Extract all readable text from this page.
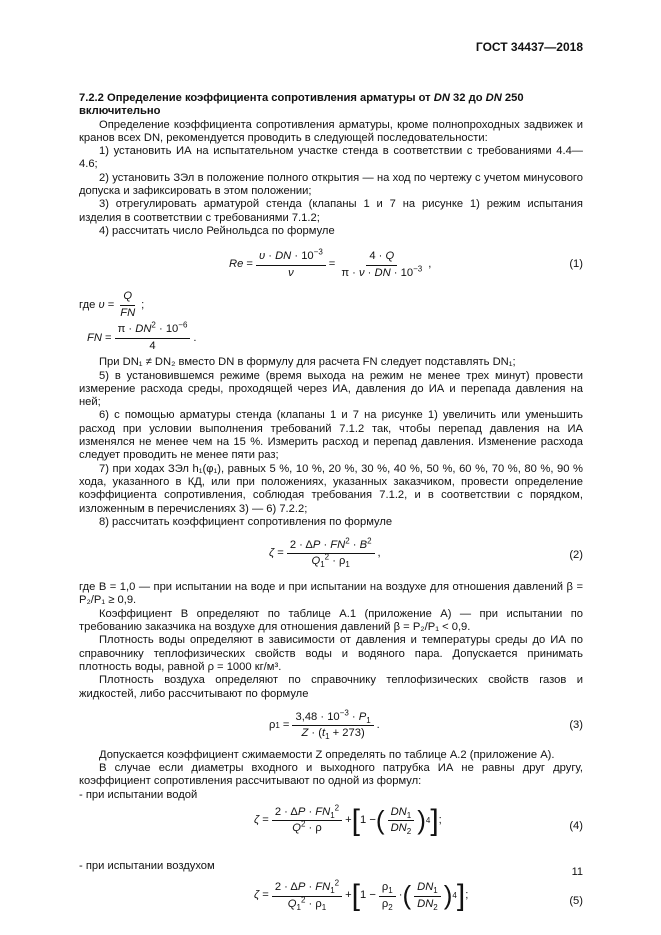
ГОСТ 34437—2018

7.2.2 Определение коэффициента сопротивления арматуры от DN 32 до DN 250

включительно

Определение коэффициента сопротивления арматуры, кроме полнопроходных задвижек и кранов всех DN, рекомендуется проводить в следующей последовательности:

1) установить ИА на испытательном участке стенда в соответствии с требованиями 4.4—4.6;

2) установить ЗЭл в положение полного открытия — на ход по чертежу с учетом минусового допуска и зафиксировать в этом положении;

3) отрегулировать арматурой стенда (клапаны 1 и 7 на рисунке 1) режим испытания изделия в соответствии с требованиями 7.1.2;

4) рассчитать число Рейнольдса по формуле

$Re = \frac{\upsilon \cdot DN \cdot 10^{-3}}{\nu} = \frac{4 \cdot Q}{\pi \cdot \nu \cdot DN \cdot 10^{-3}}$ ,	(1)
где
$\upsilon = \frac{Q}{FN}$ ;
FN = $\frac{\pi \cdot DN^2 \cdot 10^{-6}}{4}$ .

При DN₁ ≠ DN₂ вместо DN в формулу для расчета FN следует подставлять DN₁;

5) в установившемся режиме (время выхода на режим не менее трех минут) провести измерение расхода среды, проходящей через ИА, давления до ИА и перепада давления на ней;

6) с помощью арматуры стенда (клапаны 1 и 7 на рисунке 1) увеличить или уменьшить расход при условии выполнения требований 7.1.2 так, чтобы перепад давления на ИА изменялся не менее чем на 15 %. Измерить расход и перепад давления. Изменение расхода следует проводить не менее пяти раз;

7) при ходах ЗЭл h₁(φ₁), равных 5 %, 10 %, 20 %, 30 %, 40 %, 50 %, 60 %, 70 %, 80 %, 90 % хода, указанного в КД, или при положениях, указанных заказчиком, провести определение коэффициента сопротивления, соблюдая требования 7.1.2, и в соответствии с порядком, изложенным в перечислениях 3) — 6) 7.2.2;

8) рассчитать коэффициент сопротивления по формуле

$\zeta = \frac{2 \cdot \Delta P \cdot FN^2 \cdot B^2}{Q_1^2 \cdot \rho_1}$ ,	(2)

где B = 1,0 — при испытании на воде и при испытании на воздухе для отношения давлений β = P₂/P₁ ≥ 0,9.

Коэффициент B определяют по таблице А.1 (приложение А) — при испытании по требованию заказчика на воздухе для отношения давлений β = P₂/P₁ < 0,9.

Плотность воды определяют в зависимости от давления и температуры среды до ИА по справочнику теплофизических свойств воды и водяного пара. Допускается принимать плотность воды, равной ρ = 1000 кг/м³.

Плотность воздуха определяют по справочнику теплофизических свойств газов и жидкостей, либо рассчитывают по формуле

ρ $1 = \frac{3,48 \cdot 10^{-3} \cdot P_1}{Z \cdot (t_1 + 273)}$ .	(3)

Допускается коэффициент сжимаемости Z определять по таблице А.2 (приложение А).

В случае если диаметры входного и выходного патрубка ИА не равны друг другу, коэффициент сопротивления рассчитывают по одной из формул:

- при испытании водой

$\zeta = \frac{2 \cdot \Delta P \cdot FN_1^2}{Q^2 \cdot \rho}$ + [ 1 − ( $\frac{DN_1}{DN_2}$ ) 4 ] ;	(4)

- при испытании воздухом

$\zeta = \frac{2 \cdot \Delta P \cdot FN_1^2}{Q_1^2 \cdot \rho_1}$ + [ $1 - \frac{\rho_1}{\rho_2}$ · ( $\frac{DN_1}{DN_2}$ ) 4 ] ;	(5)
11
